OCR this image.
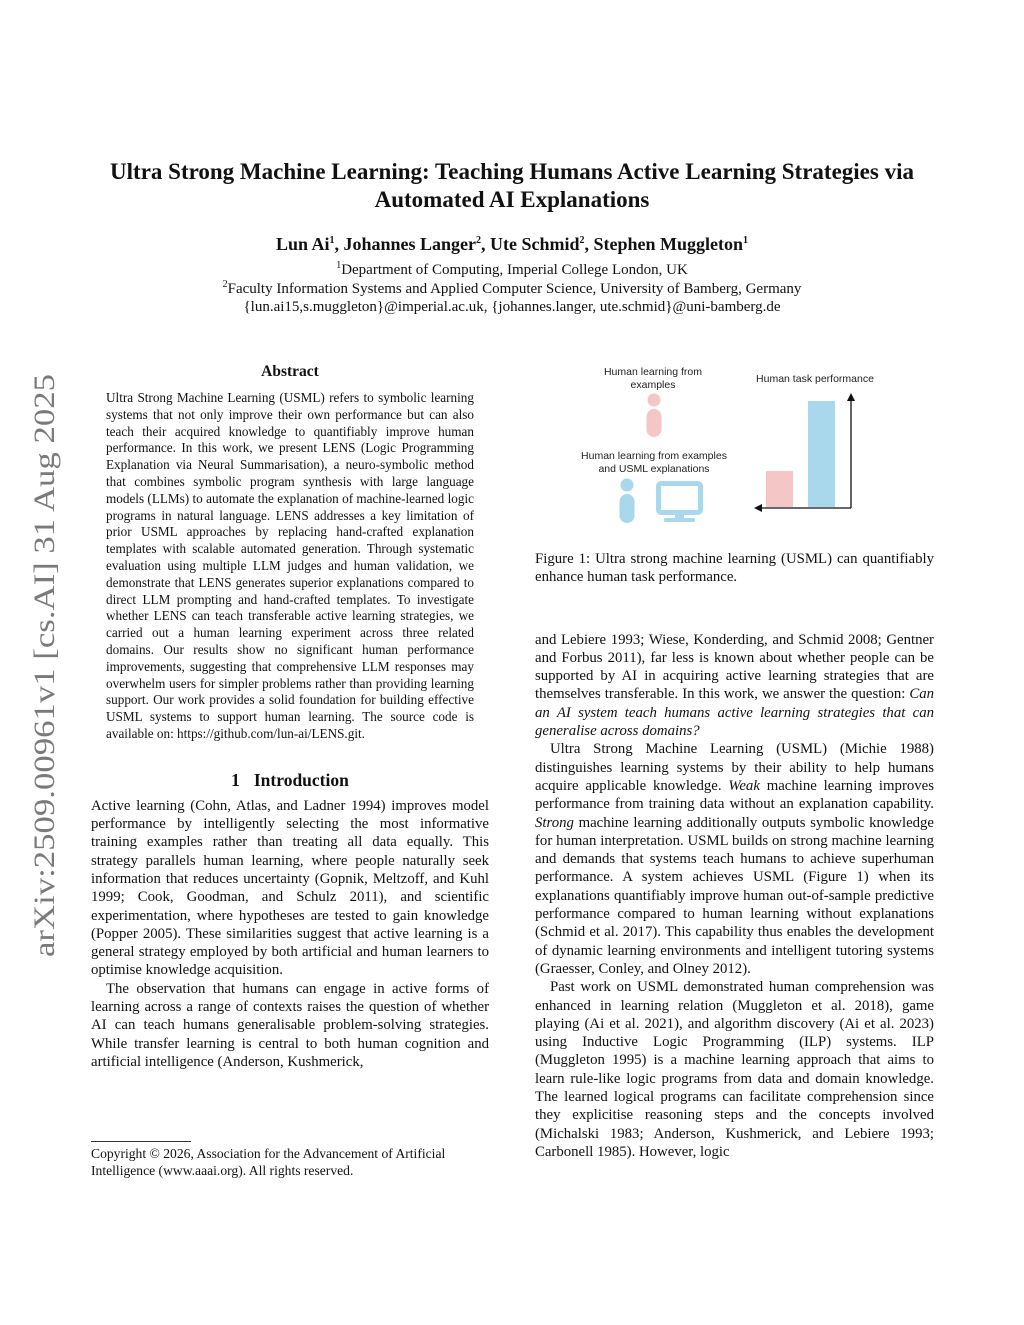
arXiv:2509.00961v1 [cs.AI] 31 Aug 2025
Ultra Strong Machine Learning: Teaching Humans Active Learning Strategies via
Automated AI Explanations
Lun Ai$^1$, Johannes Langer$^2$, Ute Schmid$^2$, Stephen Muggleton$^1$
$^1$Department of Computing, Imperial College London, UK
$^2$Faculty Information Systems and Applied Computer Science, University of Bamberg, Germany
{lun.ai15,s.muggleton}@imperial.ac.uk, {johannes.langer, ute.schmid}@uni-bamberg.de
Abstract

Ultra Strong Machine Learning (USML) refers to symbolic learning systems that not only improve their own performance but can also teach their acquired knowledge to quantifiably improve human performance. In this work, we present LENS (Logic Programming Explanation via Neural Summarisation), a neuro-symbolic method that combines symbolic program synthesis with large language models (LLMs) to automate the explanation of machine-learned logic programs in natural language. LENS addresses a key limitation of prior USML approaches by replacing hand-crafted explanation templates with scalable automated generation. Through systematic evaluation using multiple LLM judges and human validation, we demonstrate that LENS generates superior explanations compared to direct LLM prompting and hand-crafted templates. To investigate whether LENS can teach transferable active learning strategies, we carried out a human learning experiment across three related domains. Our results show no significant human performance improvements, suggesting that comprehensive LLM responses may overwhelm users for simpler problems rather than providing learning support. Our work provides a solid foundation for building effective USML systems to support human learning. The source code is available on: https://github.com/lun-ai/LENS.git.

1 Introduction

Active learning (Cohn, Atlas, and Ladner 1994) improves model performance by intelligently selecting the most informative training examples rather than treating all data equally. This strategy parallels human learning, where people naturally seek information that reduces uncertainty (Gopnik, Meltzoff, and Kuhl 1999; Cook, Goodman, and Schulz 2011), and scientific experimentation, where hypotheses are tested to gain knowledge (Popper 2005). These similarities suggest that active learning is a general strategy employed by both artificial and human learners to optimise knowledge acquisition.

The observation that humans can engage in active forms of learning across a range of contexts raises the question of whether AI can teach humans generalisable problem-solving strategies. While transfer learning is central to both human cognition and artificial intelligence (Anderson, Kushmerick,

Copyright © 2026, Association for the Advancement of Artificial Intelligence (www.aaai.org). All rights reserved.
Human learning from examples
Human learning from examples and USML explanations
Human task performance

Figure 1: Ultra strong machine learning (USML) can quantifiably enhance human task performance.

and Lebiere 1993; Wiese, Konderding, and Schmid 2008; Gentner and Forbus 2011), far less is known about whether people can be supported by AI in acquiring active learning strategies that are themselves transferable. In this work, we answer the question: Can an AI system teach humans active learning strategies that can generalise across domains?

Ultra Strong Machine Learning (USML) (Michie 1988) distinguishes learning systems by their ability to help humans acquire applicable knowledge. Weak machine learning improves performance from training data without an explanation capability. Strong machine learning additionally outputs symbolic knowledge for human interpretation. USML builds on strong machine learning and demands that systems teach humans to achieve superhuman performance. A system achieves USML (Figure 1) when its explanations quantifiably improve human out-of-sample predictive performance compared to human learning without explanations (Schmid et al. 2017). This capability thus enables the development of dynamic learning environments and intelligent tutoring systems (Graesser, Conley, and Olney 2012).

Past work on USML demonstrated human comprehension was enhanced in learning relation (Muggleton et al. 2018), game playing (Ai et al. 2021), and algorithm discovery (Ai et al. 2023) using Inductive Logic Programming (ILP) systems. ILP (Muggleton 1995) is a machine learning approach that aims to learn rule-like logic programs from data and domain knowledge. The learned logical programs can facilitate comprehension since they explicitise reasoning steps and the concepts involved (Michalski 1983; Anderson, Kushmerick, and Lebiere 1993; Carbonell 1985). However, logic
